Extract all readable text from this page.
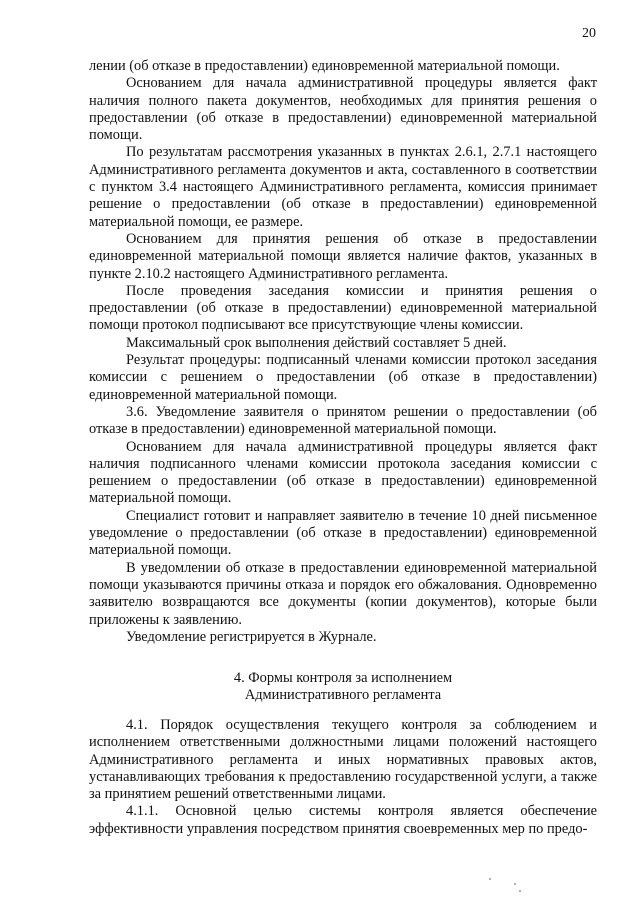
20

лении (об отказе в предоставлении) единовременной материальной помощи.

Основанием для начала административной процедуры является факт наличия полного пакета документов, необходимых для принятия решения о предоставлении (об отказе в предоставлении) единовременной материальной помощи.

По результатам рассмотрения указанных в пунктах 2.6.1, 2.7.1 настоящего Административного регламента документов и акта, составленного в соответствии с пунктом 3.4 настоящего Административного регламента, комиссия принимает решение о предоставлении (об отказе в предоставлении) единовременной материальной помощи, ее размере.

Основанием для принятия решения об отказе в предоставлении единовременной материальной помощи является наличие фактов, указанных в пункте 2.10.2 настоящего Административного регламента.

После проведения заседания комиссии и принятия решения о предоставлении (об отказе в предоставлении) единовременной материальной помощи протокол подписывают все присутствующие члены комиссии.

Максимальный срок выполнения действий составляет 5 дней.

Результат процедуры: подписанный членами комиссии протокол заседания комиссии с решением о предоставлении (об отказе в предоставлении) единовременной материальной помощи.

3.6. Уведомление заявителя о принятом решении о предоставлении (об отказе в предоставлении) единовременной материальной помощи.

Основанием для начала административной процедуры является факт наличия подписанного членами комиссии протокола заседания комиссии с решением о предоставлении (об отказе в предоставлении) единовременной материальной помощи.

Специалист готовит и направляет заявителю в течение 10 дней письменное уведомление о предоставлении (об отказе в предоставлении) единовременной материальной помощи.

В уведомлении об отказе в предоставлении единовременной материальной помощи указываются причины отказа и порядок его обжалования. Одновременно заявителю возвращаются все документы (копии документов), которые были приложены к заявлению.

Уведомление регистрируется в Журнале.

4. Формы контроля за исполнением
Административного регламента

4.1. Порядок осуществления текущего контроля за соблюдением и исполнением ответственными должностными лицами положений настоящего Административного регламента и иных нормативных правовых актов, устанавливающих требования к предоставлению государственной услуги, а также за принятием решений ответственными лицами.

4.1.1. Основной целью системы контроля является обеспечение эффективности управления посредством принятия своевременных мер по предо-
